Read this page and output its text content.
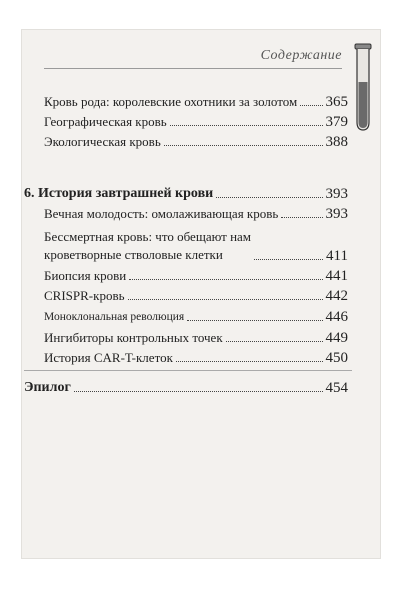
Содержание
Кровь рода: королевские охотники за золотом 365
Географическая кровь	379
Экологическая кровь	388
6. История завтрашней крови	393
Вечная молодость: омолаживающая кровь	393
Бессмертная кровь: что обещают нам
кроветворные стволовые клетки	411
Биопсия крови	441
CRISPR-кровь	442
Моноклональная революция	446
Ингибиторы контрольных точек	449
История CAR-T-клеток	450
Эпилог	454
